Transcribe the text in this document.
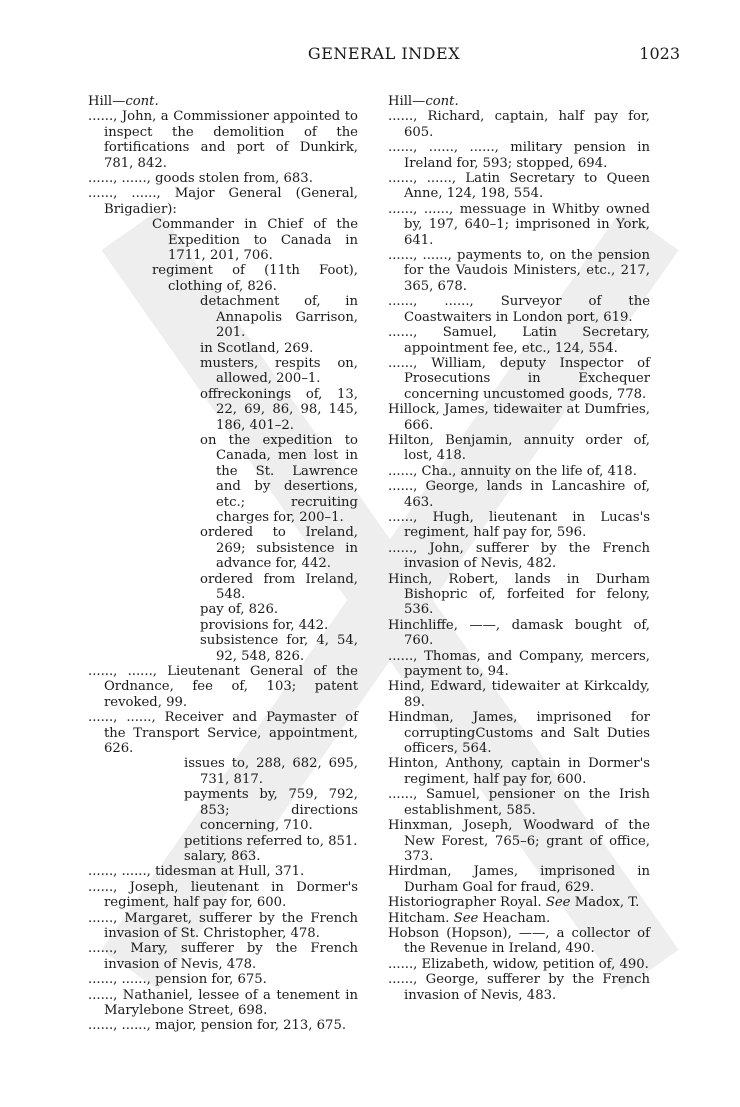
GENERAL INDEX	1023

Hill—cont.

......, John, a Commissioner appointed to inspect the demolition of the fortifications and port of Dunkirk, 781, 842.

......, ......, goods stolen from, 683.

......, ......, Major General (General, Brigadier):

Commander in Chief of the Expedition to Canada in 1711, 201, 706.

regiment of (11th Foot), clothing of, 826.

detachment of, in Annapolis Garrison, 201.

in Scotland, 269.

musters, respits on, allowed, 200–1.

offreckonings of, 13, 22, 69, 86, 98, 145, 186, 401–2.

on the expedition to Canada, men lost in the St. Lawrence and by desertions, etc.; recruiting charges for, 200–1.

ordered to Ireland, 269; subsistence in advance for, 442.

ordered from Ireland, 548.

pay of, 826.

provisions for, 442.

subsistence for, 4, 54, 92, 548, 826.

......, ......, Lieutenant General of the Ordnance, fee of, 103; patent revoked, 99.

......, ......, Receiver and Paymaster of the Transport Service, appointment, 626.

issues to, 288, 682, 695, 731, 817.

payments by, 759, 792, 853; directions concerning, 710.

petitions referred to, 851.

salary, 863.

......, ......, tidesman at Hull, 371.

......, Joseph, lieutenant in Dormer's regiment, half pay for, 600.

......, Margaret, sufferer by the French invasion of St. Christopher, 478.

......, Mary, sufferer by the French invasion of Nevis, 478.

......, ......, pension for, 675.

......, Nathaniel, lessee of a tenement in Marylebone Street, 698.

......, ......, major, pension for, 213, 675.

Hill—cont.

......, Richard, captain, half pay for, 605.

......, ......, ......, military pension in Ireland for, 593; stopped, 694.

......, ......, Latin Secretary to Queen Anne, 124, 198, 554.

......, ......, messuage in Whitby owned by, 197, 640–1; imprisoned in York, 641.

......, ......, payments to, on the pension for the Vaudois Ministers, etc., 217, 365, 678.

......, ......, Surveyor of the Coastwaiters in London port, 619.

......, Samuel, Latin Secretary, appointment fee, etc., 124, 554.

......, William, deputy Inspector of Prosecutions in Exchequer concerning uncustomed goods, 778.

Hillock, James, tidewaiter at Dumfries, 666.

Hilton, Benjamin, annuity order of, lost, 418.

......, Cha., annuity on the life of, 418.

......, George, lands in Lancashire of, 463.

......, Hugh, lieutenant in Lucas's regiment, half pay for, 596.

......, John, sufferer by the French invasion of Nevis, 482.

Hinch, Robert, lands in Durham Bishopric of, forfeited for felony, 536.

Hinchliffe, ——, damask bought of, 760.

......, Thomas, and Company, mercers, payment to, 94.

Hind, Edward, tidewaiter at Kirkcaldy, 89.

Hindman, James, imprisoned for corruptingCustoms and Salt Duties officers, 564.

Hinton, Anthony, captain in Dormer's regiment, half pay for, 600.

......, Samuel, pensioner on the Irish establishment, 585.

Hinxman, Joseph, Woodward of the New Forest, 765–6; grant of office, 373.

Hirdman, James, imprisoned in Durham Goal for fraud, 629.

Historiographer Royal. See Madox, T.

Hitcham. See Heacham.

Hobson (Hopson), ——, a collector of the Revenue in Ireland, 490.

......, Elizabeth, widow, petition of, 490.

......, George, sufferer by the French invasion of Nevis, 483.
